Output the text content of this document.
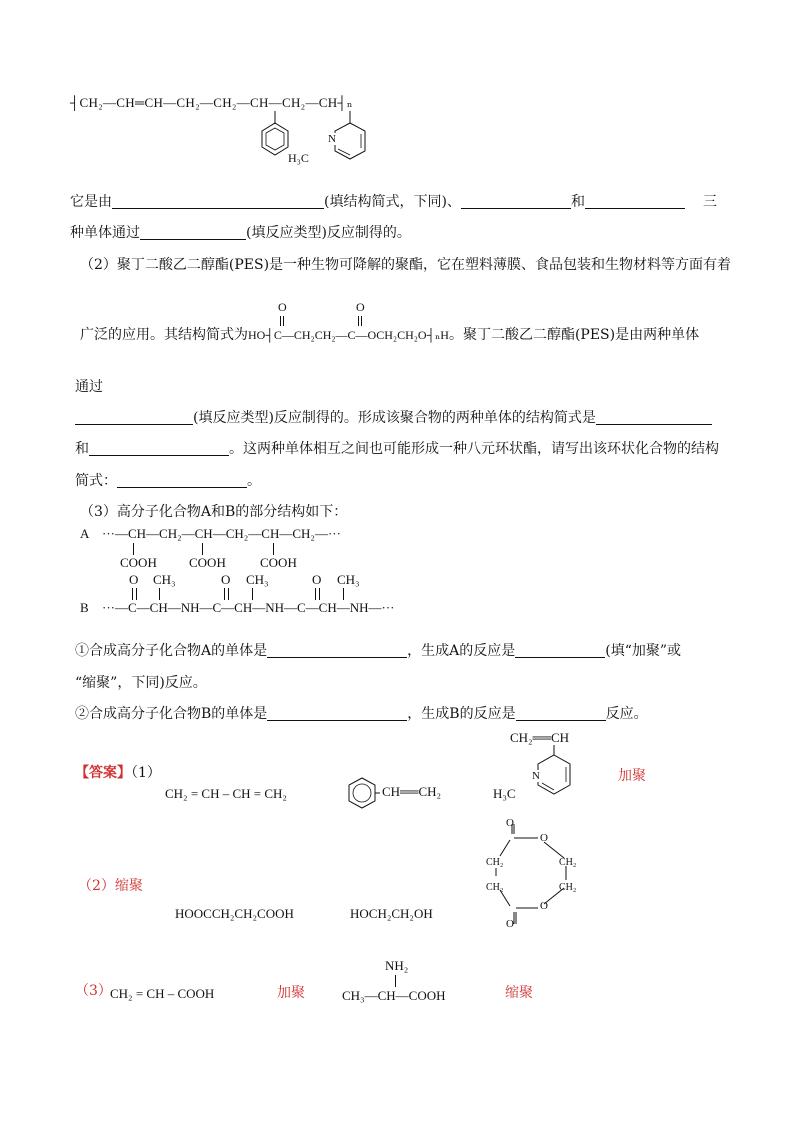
┤CH₂—CH═CH—CH₂—CH₂—CH—CH₂—CH┤ₙ
N
H₃C
它是由	(填结构简式，下同)、	和	三
种单体通过	(填反应类型)反应制得的。
（2）聚丁二酸乙二醇酯(PES)是一种生物可降解的聚酯，它在塑料薄膜、食品包装和生物材料等方面有着
广泛的应用。其结构简式为HO┤C—CH₂CH₂—C—OCH₂CH₂O┤ₙH。聚丁二酸乙二醇酯(PES)是由两种单体
O	O
通过
(填反应类型)反应制得的。形成该聚合物的两种单体的结构简式是
和	。这两种单体相互之间也可能形成一种八元环状酯，请写出该环状化合物的结构
简式：	。
（3）高分子化合物A和B的部分结构如下：
A ···—CH—CH₂—CH—CH₂—CH—CH₂—···
COOH COOH	COOH
O CH₃	O CH₃	O CH₃
B ···—C—CH—NH—C—CH—NH—C—CH—NH—···
①合成高分子化合物A的单体是	，生成A的反应是	(填“加聚”或
“缩聚”，下同)反应。
②合成高分子化合物B的单体是	，生成B的反应是	反应。
【答案】（1）
CH₂ = CH – CH = CH₂	CH══CH₂
CH₂══CH
N
H₃C
加聚
O
O
CH₂	CH₂
CH₂	CH₂
O
O
（2）缩聚
HOOCCH₂CH₂COOH	HOCH₂CH₂OH
（3）
CH₂ = CH – COOH	加聚
NH₂
CH₃—CH—COOH	缩聚
